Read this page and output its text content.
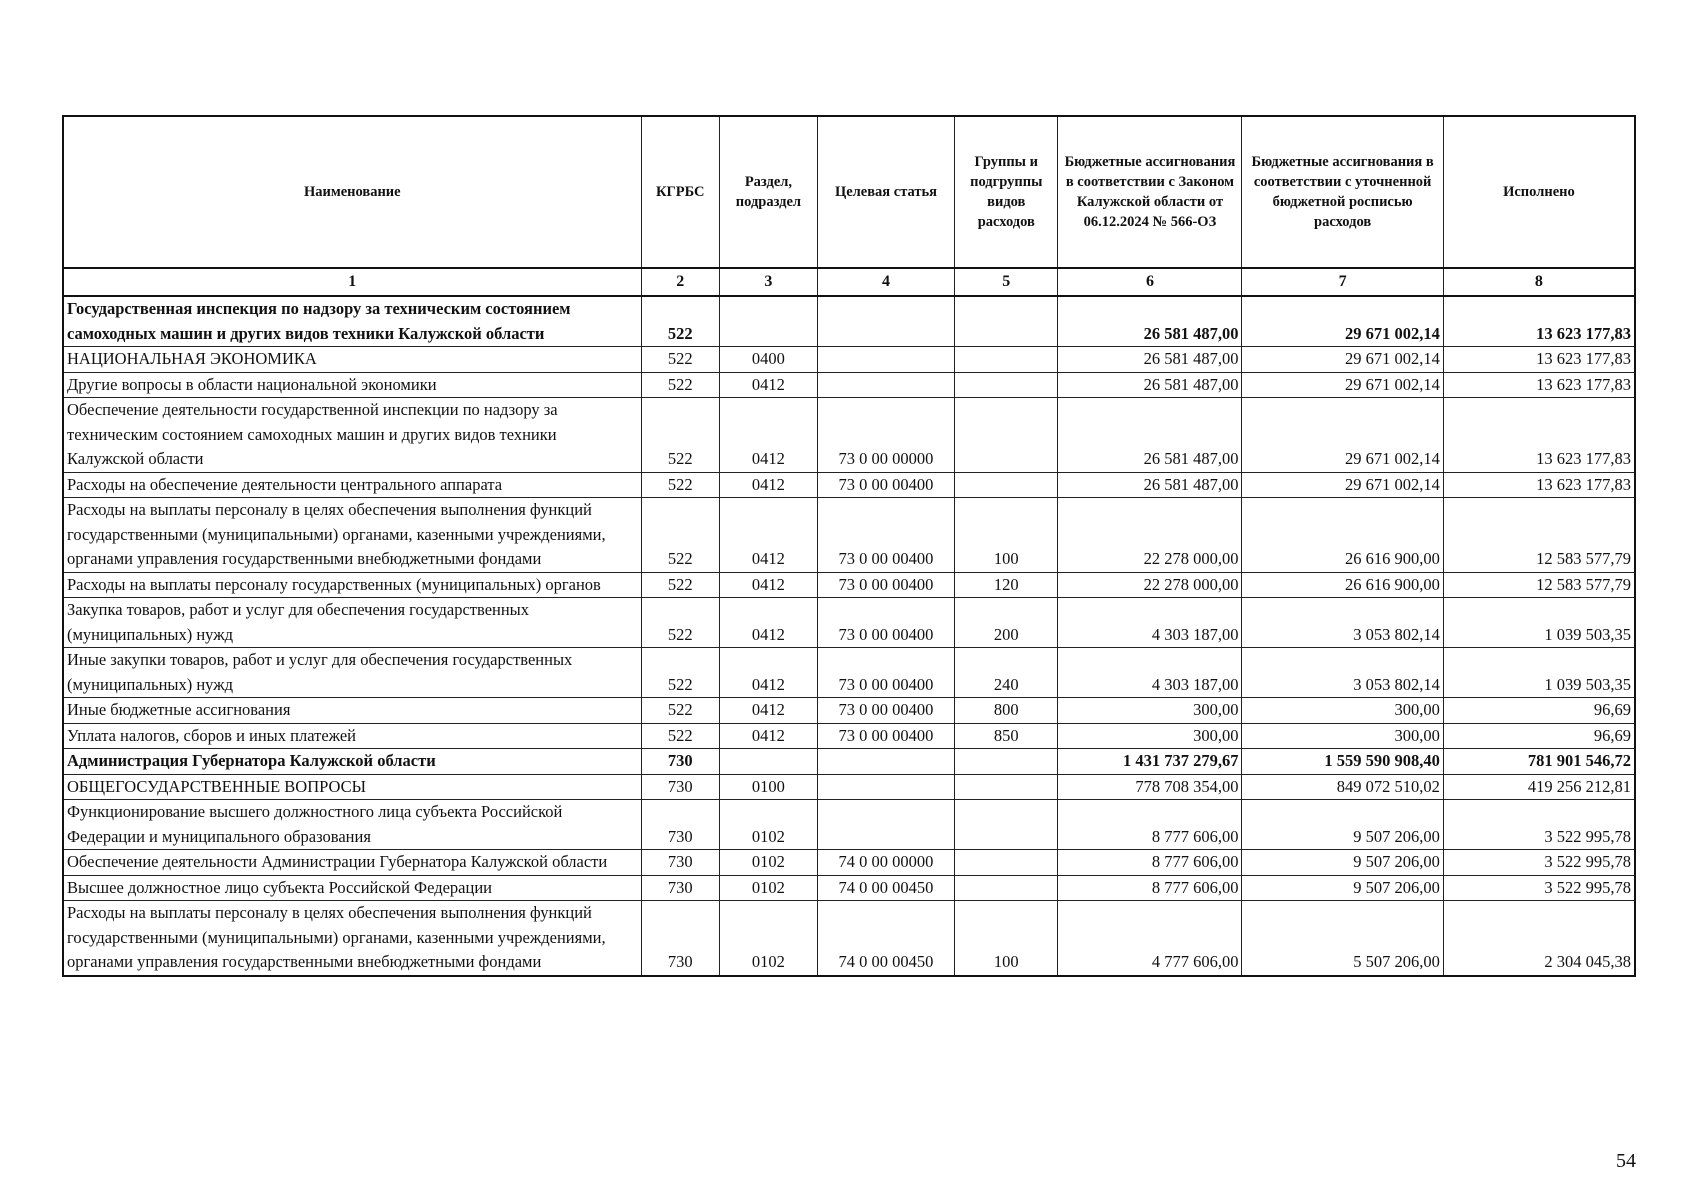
Наименование	КГРБС	Раздел, подраздел	Целевая статья	Группы и подгруппы видов расходов	Бюджетные ассигнования в соответствии с Законом Калужской области от 06.12.2024 № 566-ОЗ	Бюджетные ассигнования в соответствии с уточненной бюджетной росписью расходов	Исполнено
1	2	3	4	5	6	7	8
Государственная инспекция по надзору за техническим состоянием самоходных машин и других видов техники Калужской области	522				26 581 487,00	29 671 002,14	13 623 177,83
НАЦИОНАЛЬНАЯ ЭКОНОМИКА	522	0400			26 581 487,00	29 671 002,14	13 623 177,83
Другие вопросы в области национальной экономики	522	0412			26 581 487,00	29 671 002,14	13 623 177,83
Обеспечение деятельности государственной инспекции по надзору за техническим состоянием самоходных машин и других видов техники Калужской области	522	0412	73 0 00 00000		26 581 487,00	29 671 002,14	13 623 177,83
Расходы на обеспечение деятельности центрального аппарата	522	0412	73 0 00 00400		26 581 487,00	29 671 002,14	13 623 177,83
Расходы на выплаты персоналу в целях обеспечения выполнения функций государственными (муниципальными) органами, казенными учреждениями, органами управления государственными внебюджетными фондами	522	0412	73 0 00 00400	100	22 278 000,00	26 616 900,00	12 583 577,79
Расходы на выплаты персоналу государственных (муниципальных) органов	522	0412	73 0 00 00400	120	22 278 000,00	26 616 900,00	12 583 577,79
Закупка товаров, работ и услуг для обеспечения государственных (муниципальных) нужд	522	0412	73 0 00 00400	200	4 303 187,00	3 053 802,14	1 039 503,35
Иные закупки товаров, работ и услуг для обеспечения государственных (муниципальных) нужд	522	0412	73 0 00 00400	240	4 303 187,00	3 053 802,14	1 039 503,35
Иные бюджетные ассигнования	522	0412	73 0 00 00400	800	300,00	300,00	96,69
Уплата налогов, сборов и иных платежей	522	0412	73 0 00 00400	850	300,00	300,00	96,69
Администрация Губернатора Калужской области	730				1 431 737 279,67	1 559 590 908,40	781 901 546,72
ОБЩЕГОСУДАРСТВЕННЫЕ ВОПРОСЫ	730	0100			778 708 354,00	849 072 510,02	419 256 212,81
Функционирование высшего должностного лица субъекта Российской Федерации и муниципального образования	730	0102			8 777 606,00	9 507 206,00	3 522 995,78
Обеспечение деятельности Администрации Губернатора Калужской области	730	0102	74 0 00 00000		8 777 606,00	9 507 206,00	3 522 995,78
Высшее должностное лицо субъекта Российской Федерации	730	0102	74 0 00 00450		8 777 606,00	9 507 206,00	3 522 995,78
Расходы на выплаты персоналу в целях обеспечения выполнения функций государственными (муниципальными) органами, казенными учреждениями, органами управления государственными внебюджетными фондами	730	0102	74 0 00 00450	100	4 777 606,00	5 507 206,00	2 304 045,38
54
